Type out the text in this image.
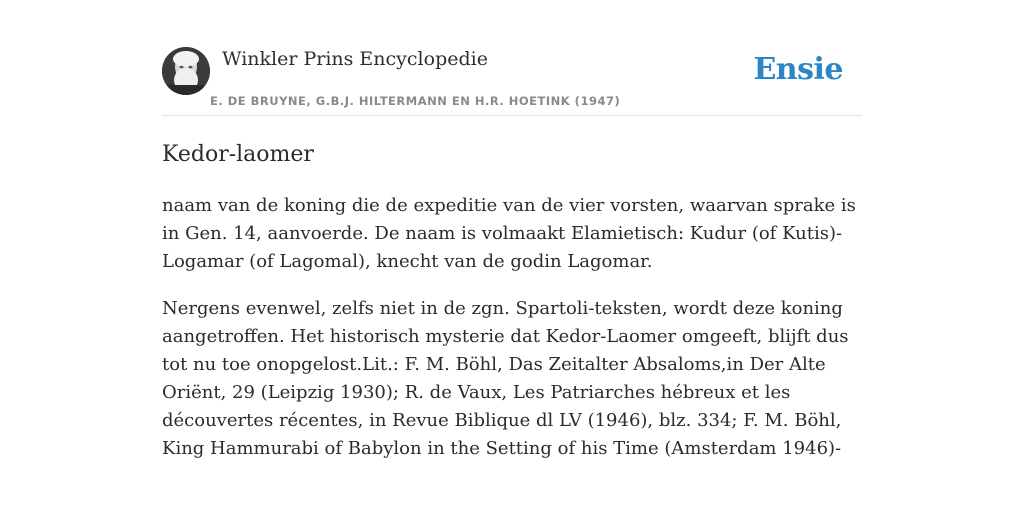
Winkler Prins Encyclopedie
E. DE BRUYNE, G.B.J. HILTERMANN EN H.R. HOETINK (1947)
Ensie
Kedor-laomer

naam van de koning die de expeditie van de vier vorsten, waarvan sprake is in Gen. 14, aanvoerde. De naam is volmaakt Elamietisch: Kudur (of Kutis)-Logamar (of Lagomal), knecht van de godin Lagomar.

Nergens evenwel, zelfs niet in de zgn. Spartoli-teksten, wordt deze koning aangetroffen. Het historisch mysterie dat Kedor-Laomer omgeeft, blijft dus tot nu toe onopgelost.Lit.: F. M. Böhl, Das Zeitalter Absaloms,in Der Alte Oriënt, 29 (Leipzig 1930); R. de Vaux, Les Patriarches hébreux et les découvertes récentes, in Revue Biblique dl LV (1946), blz. 334; F. M. Böhl, King Hammurabi of Babylon in the Setting of his Time (Amsterdam 1946)-
